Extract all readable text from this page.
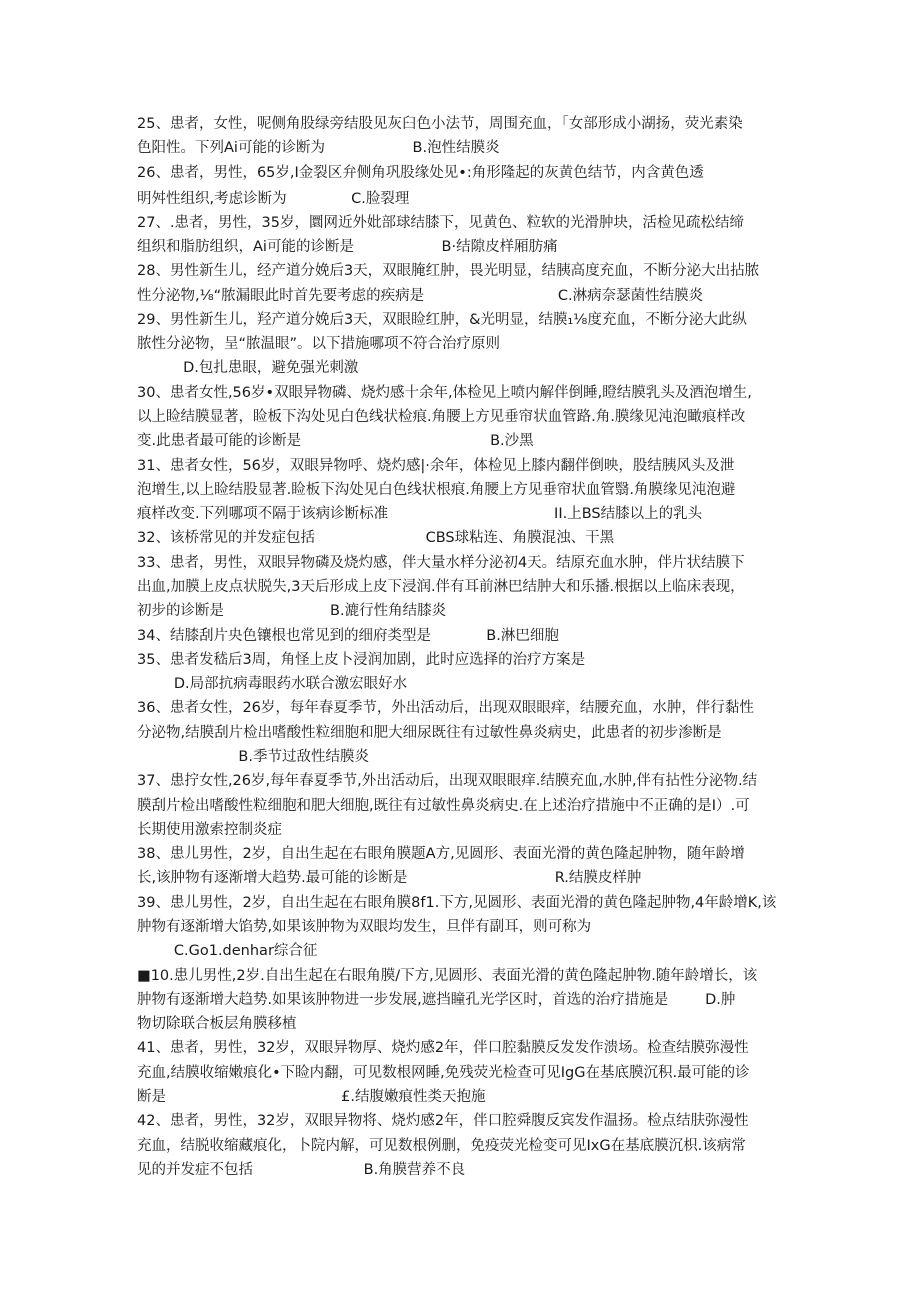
25、患者，女性，呢侧角股绿旁结股见灰臼色小法节，周围充血，「女部形成小湖扬，荧光素染
色阳性。下列Ai可能的诊断为                   B.泡性结膜炎
26、患者，男性，65岁,I金裂区弁侧角巩股缘处见•:角形隆起的灰黄色结节，内含黄色透
明舛性组织,考虑诊断为              C.脸裂理
27、.患者，男性，35岁，圜网近外妣部球结膝下，见黄色、粒软的光滑肿块，活检见疏松结缔
组织和脂肪组织，Ai可能的诊断是                   B·结隙皮样厢肪痛
28、男性新生儿，经产道分娩后3天，双眼腌红肿，畏光明显，结胰高度充血，不断分泌大出拈脓
性分泌物,⅛“脓漏眼此时首先要考虑的疾病是                             C.淋病奈瑟菌性结膜炎
29、男性新生儿，羟产道分娩后3天，双眼睑红肿，&光明显，结膜₁⅛度充血，不断分泌大此纵
脓性分泌物，呈“脓温眼”。以下措施哪项不符合治疗原则
D.包扎患眼，避免强光刺激
30、患者女性,56岁•双眼异物磷、烧灼感十余年,体检见上喷内解伴倒睡,瞪结膜乳头及酒泡增生,
以上睑结膜显著，睑板下沟处见白色线状检痕.角腰上方见垂帘状血管路.角.膜缘见沌泡瞰痕样改
变.此患者最可能的诊断是                                         B.沙黑
31、患者女性，56岁，双眼异物呼、烧灼感|·余年，体检见上膝内翻伴倒映，股结胰风头及泄
泡增生,以上睑结股显著.睑板下沟处见白色线状根痕.角腰上方见垂帘状血管翳.角膜缘见沌泡避
痕样改变.下列哪项不隔于该病诊断标准                                    II.上BS结膝以上的乳头
32、该桥常见的并发症包括                        CBS球粘连、角膜混浊、干黑
33、患者，男性，双眼异物磷及烧灼感，伴大量水样分泌初4天。结原充血水肿，伴片状结膜下
出血,加膜上皮点状脱失,3天后形成上皮下浸润.伴有耳前淋巴结肿大和乐播.根据以上临床表现，
初步的诊断是                       B.漉行性角结膝炎
34、结膝刮片央色镶根也常见到的细府类型是            B.淋巴细胞
35、患者发嵇后3周，角怪上皮卜浸润加剧，此时应选择的治疗方案是
D.局部抗病毒眼药水联合激宏眼好水
36、患者女性，26岁，每年春夏季节，外出活动后，出现双眼眼痒，结腰充血，水肿，伴行黏性
分泌物,结膜刮片检出嗜酸性粒细胞和肥大细尿既往有过敏性鼻炎病史，此患者的初步渗断是
B.季节过敌性结膜炎
37、患拧女性,26岁,每年春夏季节,外出活动后，出现双眼眼痒.结膜充血,水肿,伴有拈性分泌物.结
膜刮片检出嗜酸性粒细胞和肥大细胞,既往有过敏性鼻炎病史.在上述治疗措施中不正确的是I）.可
长期使用激索控制炎症
38、患儿男性，2岁，自出生起在右眼角膜题A方,见圆形、表面光滑的黄色隆起肿物，随年龄增
长,该肿物有逐渐增大趋势.最可能的诊断是                                R.结膜皮样肿
39、患儿男性，2岁，自出生起在右眼角膜8f1.下方,见圆形、表面光滑的黄色隆起肿物,4年龄增K,该
肿物有逐渐增大馅势,如果该肿物为双眼均发生，旦伴有副耳，则可称为
C.Go1.denhar综合征
■10.患儿男性,2岁.自出生起在右眼角膜/下方,见圆形、表面光滑的黄色隆起肿物.随年龄增长，该
肿物有逐渐增大趋势.如果该肿物进一步发展,遮挡瞳孔光学区时，首选的治疗措施是        D.肿
物切除联合板层角膜移植
41、患者，男性，32岁，双眼异物厚、烧灼感2年，伴口腔黏膜反发发作溃场。检查结膜弥漫性
充血,结膜收缩嫩痕化•下睑内翻，可见数根网睡,免残荧光检查可见IgG在基底膜沉积.最可能的诊
断是                                      £.结腹嫩痕性类天抱施
42、患者，男性，32岁，双眼异物将、烧灼感2年，伴口腔舜腹反宾发作温扬。检点结肤弥漫性
充血，结脱收缩藏痕化，卜院内解，可见数根例删，免疫荧光检变可见IxG在基底膜沉枳.该病常
见的并发症不包括                        B.角膜营养不良
